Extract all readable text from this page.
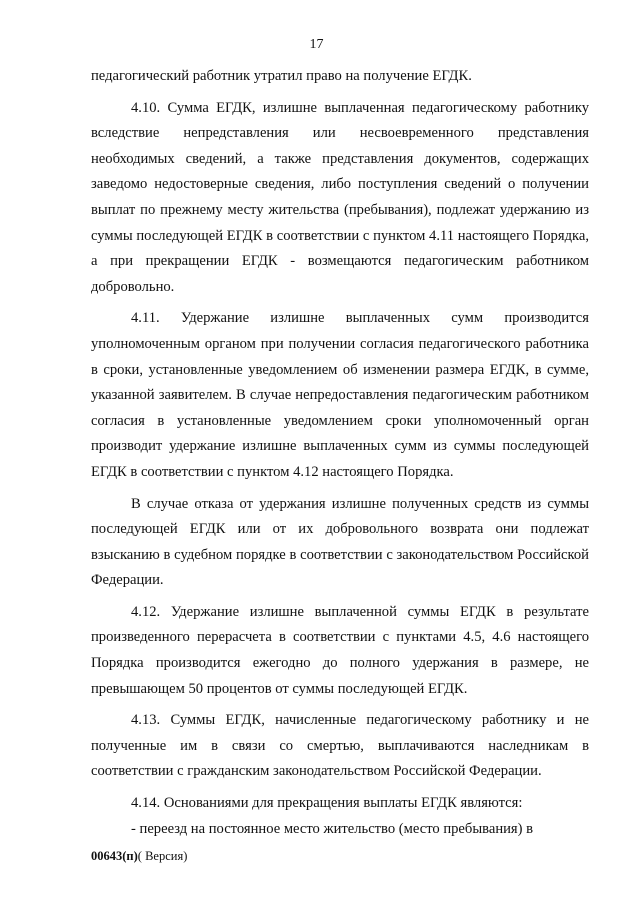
17

педагогический работник утратил право на получение ЕГДК.

4.10. Сумма ЕГДК, излишне выплаченная педагогическому работнику вследствие непредставления или несвоевременного представления необходимых сведений, а также представления документов, содержащих заведомо недостоверные сведения, либо поступления сведений о получении выплат по прежнему месту жительства (пребывания), подлежат удержанию из суммы последующей ЕГДК в соответствии с пунктом 4.11 настоящего Порядка, а при прекращении ЕГДК - возмещаются педагогическим работником добровольно.

4.11. Удержание излишне выплаченных сумм производится уполномоченным органом при получении согласия педагогического работника в сроки, установленные уведомлением об изменении размера ЕГДК, в сумме, указанной заявителем. В случае непредоставления педагогическим работником согласия в установленные уведомлением сроки уполномоченный орган производит удержание излишне выплаченных сумм из суммы последующей ЕГДК в соответствии с пунктом 4.12 настоящего Порядка.

В случае отказа от удержания излишне полученных средств из суммы последующей ЕГДК или от их добровольного возврата они подлежат взысканию в судебном порядке в соответствии с законодательством Российской Федерации.

4.12. Удержание излишне выплаченной суммы ЕГДК в результате произведенного перерасчета в соответствии с пунктами 4.5, 4.6 настоящего Порядка производится ежегодно до полного удержания в размере, не превышающем 50 процентов от суммы последующей ЕГДК.

4.13. Суммы ЕГДК, начисленные педагогическому работнику и не полученные им в связи со смертью, выплачиваются наследникам в соответствии с гражданским законодательством Российской Федерации.

4.14. Основаниями для прекращения выплаты ЕГДК являются:

- переезд на постоянное место жительство (место пребывания) в

00643(п)( Версия)
